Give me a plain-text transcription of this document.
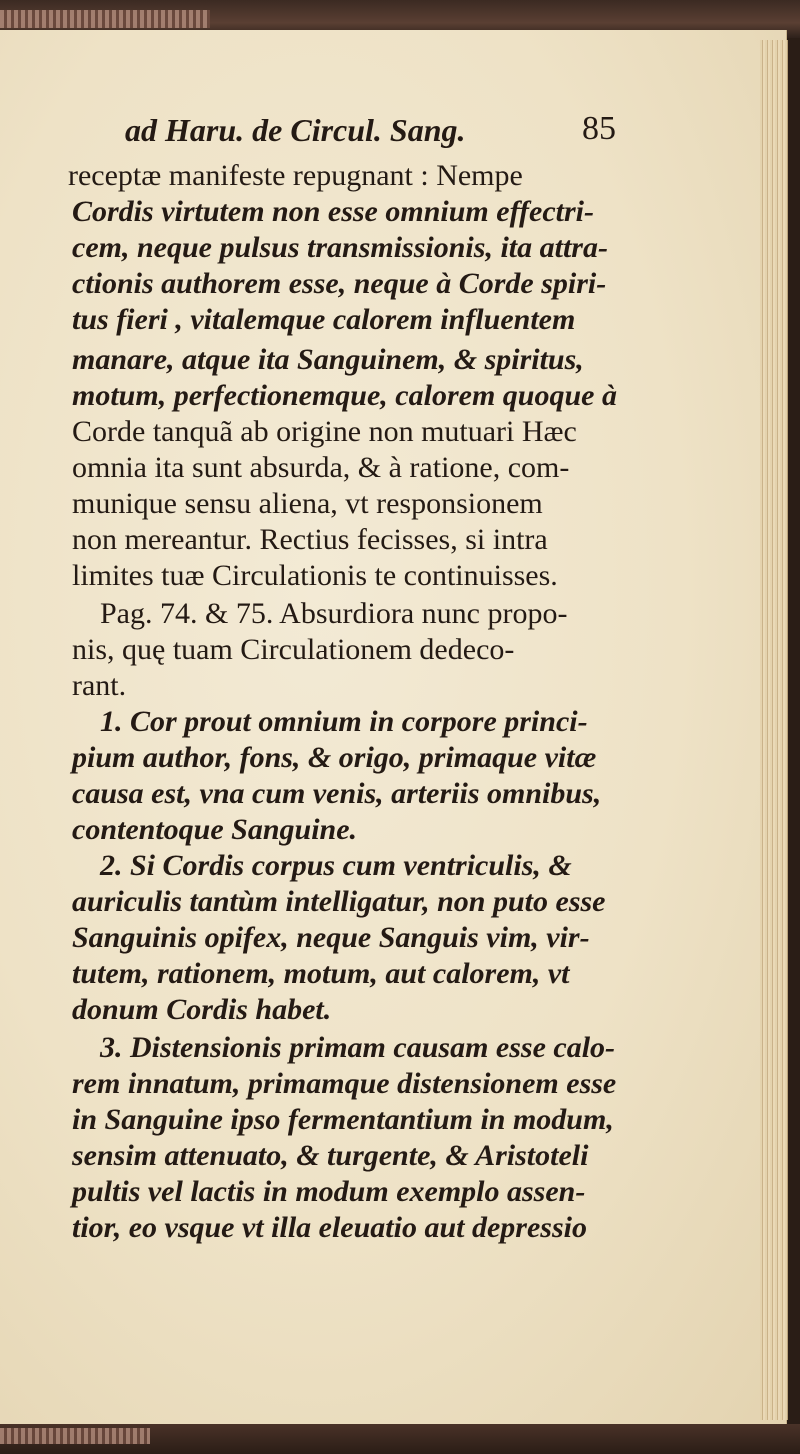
ad Haru. de Circul. Sang.	85
receptæ manifeste repugnant : Nempe
Cordis virtutem non esse omnium effectri-
cem, neque pulsus transmissionis, ita attra-
ctionis authorem esse, neque à Corde spiri-
tus fieri , vitalemque calorem influentem
manare, atque ita Sanguinem, & spiritus,
motum, perfectionemque, calorem quoque à
Corde tanquã ab origine non mutuari Hæc
omnia ita sunt absurda, & à ratione, com-
munique sensu aliena, vt responsionem
non mereantur. Rectius fecisses, si intra
limites tuæ Circulationis te continuisses.
Pag. 74. & 75. Absurdiora nunc propo-
nis, quę tuam Circulationem dedeco-
rant.
1. Cor prout omnium in corpore princi-
pium author, fons, & origo, primaque vitæ
causa est, vna cum venis, arteriis omnibus,
contentoque Sanguine.
2. Si Cordis corpus cum ventriculis, &
auriculis tantùm intelligatur, non puto esse
Sanguinis opifex, neque Sanguis vim, vir-
tutem, rationem, motum, aut calorem, vt
donum Cordis habet.
3. Distensionis primam causam esse calo-
rem innatum, primamque distensionem esse
in Sanguine ipso fermentantium in modum,
sensim attenuato, & turgente, & Aristoteli
pultis vel lactis in modum exemplo assen-
tior, eo vsque vt illa eleuatio aut depressio
